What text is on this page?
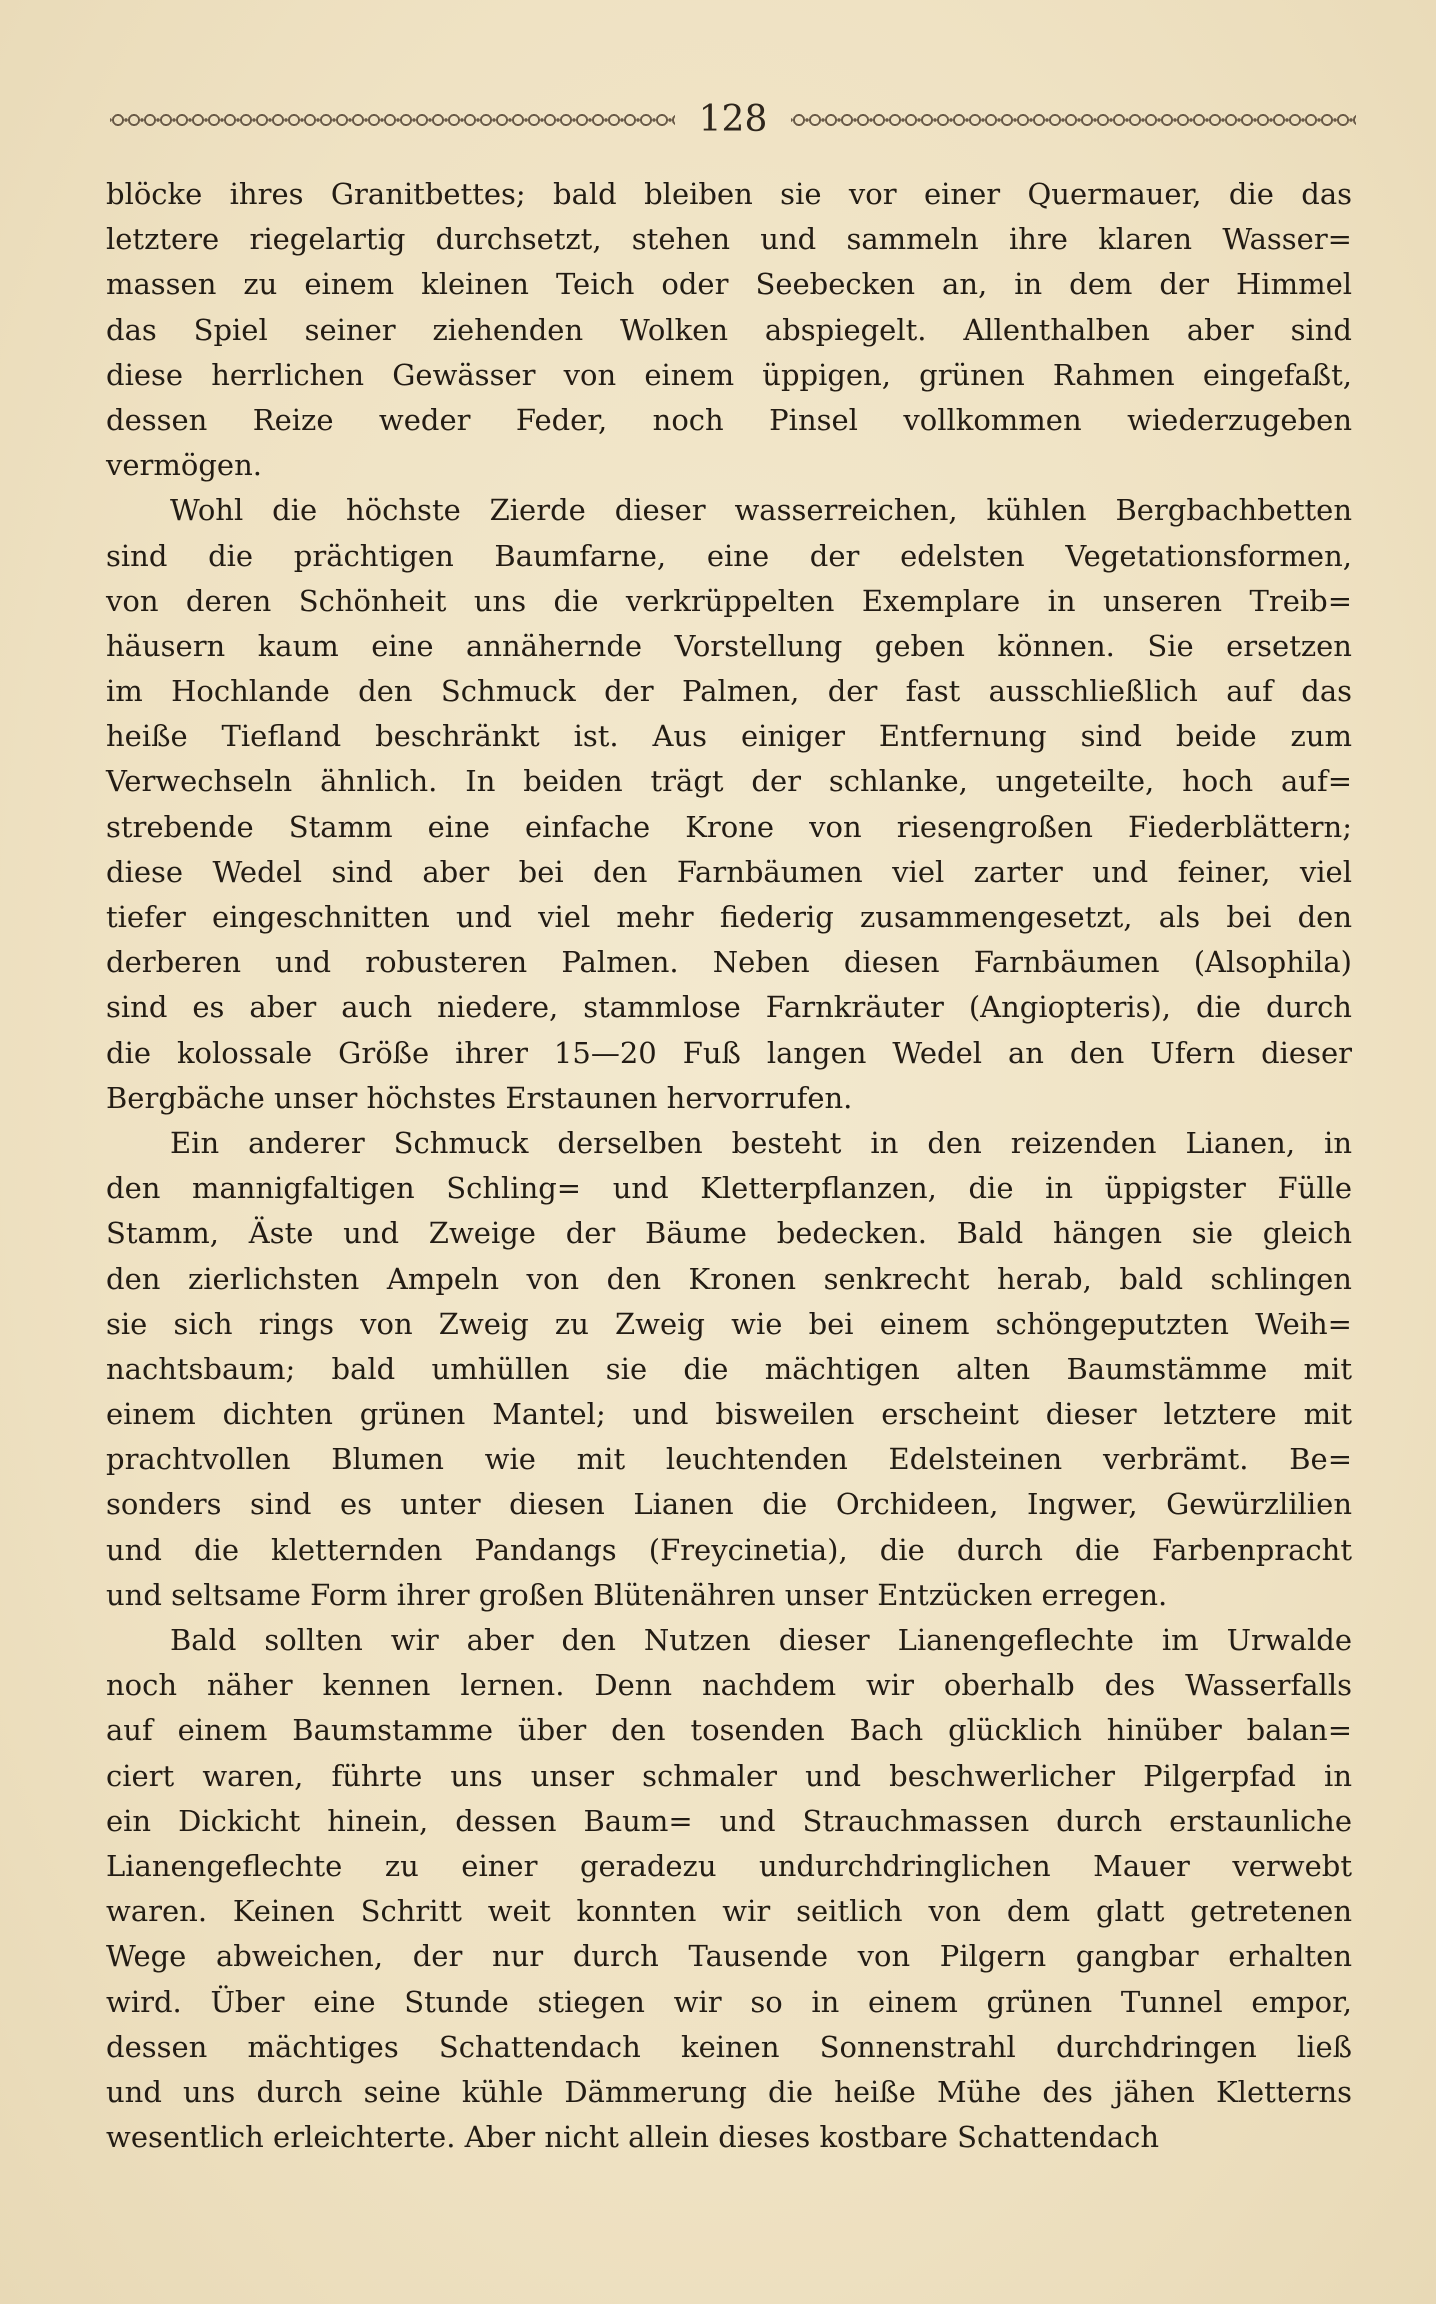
128
blöcke ihres Granitbettes; bald bleiben sie vor einer Quermauer, die das
letztere riegelartig durchsetzt, stehen und sammeln ihre klaren Wasser=
massen zu einem kleinen Teich oder Seebecken an, in dem der Himmel
das Spiel seiner ziehenden Wolken abspiegelt. Allenthalben aber sind
diese herrlichen Gewässer von einem üppigen, grünen Rahmen eingefaßt,
dessen Reize weder Feder, noch Pinsel vollkommen wiederzugeben
vermögen.
Wohl die höchste Zierde dieser wasserreichen, kühlen Bergbachbetten
sind die prächtigen Baumfarne, eine der edelsten Vegetationsformen,
von deren Schönheit uns die verkrüppelten Exemplare in unseren Treib=
häusern kaum eine annähernde Vorstellung geben können. Sie ersetzen
im Hochlande den Schmuck der Palmen, der fast ausschließlich auf das
heiße Tiefland beschränkt ist. Aus einiger Entfernung sind beide zum
Verwechseln ähnlich. In beiden trägt der schlanke, ungeteilte, hoch auf=
strebende Stamm eine einfache Krone von riesengroßen Fiederblättern;
diese Wedel sind aber bei den Farnbäumen viel zarter und feiner, viel
tiefer eingeschnitten und viel mehr fiederig zusammengesetzt, als bei den
derberen und robusteren Palmen. Neben diesen Farnbäumen (Alsophila)
sind es aber auch niedere, stammlose Farnkräuter (Angiopteris), die durch
die kolossale Größe ihrer 15—20 Fuß langen Wedel an den Ufern dieser
Bergbäche unser höchstes Erstaunen hervorrufen.
Ein anderer Schmuck derselben besteht in den reizenden Lianen, in
den mannigfaltigen Schling= und Kletterpflanzen, die in üppigster Fülle
Stamm, Äste und Zweige der Bäume bedecken. Bald hängen sie gleich
den zierlichsten Ampeln von den Kronen senkrecht herab, bald schlingen
sie sich rings von Zweig zu Zweig wie bei einem schöngeputzten Weih=
nachtsbaum; bald umhüllen sie die mächtigen alten Baumstämme mit
einem dichten grünen Mantel; und bisweilen erscheint dieser letztere mit
prachtvollen Blumen wie mit leuchtenden Edelsteinen verbrämt. Be=
sonders sind es unter diesen Lianen die Orchideen, Ingwer, Gewürzlilien
und die kletternden Pandangs (Freycinetia), die durch die Farbenpracht
und seltsame Form ihrer großen Blütenähren unser Entzücken erregen.
Bald sollten wir aber den Nutzen dieser Lianengeflechte im Urwalde
noch näher kennen lernen. Denn nachdem wir oberhalb des Wasserfalls
auf einem Baumstamme über den tosenden Bach glücklich hinüber balan=
ciert waren, führte uns unser schmaler und beschwerlicher Pilgerpfad in
ein Dickicht hinein, dessen Baum= und Strauchmassen durch erstaunliche
Lianengeflechte zu einer geradezu undurchdringlichen Mauer verwebt
waren. Keinen Schritt weit konnten wir seitlich von dem glatt getretenen
Wege abweichen, der nur durch Tausende von Pilgern gangbar erhalten
wird. Über eine Stunde stiegen wir so in einem grünen Tunnel empor,
dessen mächtiges Schattendach keinen Sonnenstrahl durchdringen ließ
und uns durch seine kühle Dämmerung die heiße Mühe des jähen Kletterns
wesentlich erleichterte. Aber nicht allein dieses kostbare Schattendach
